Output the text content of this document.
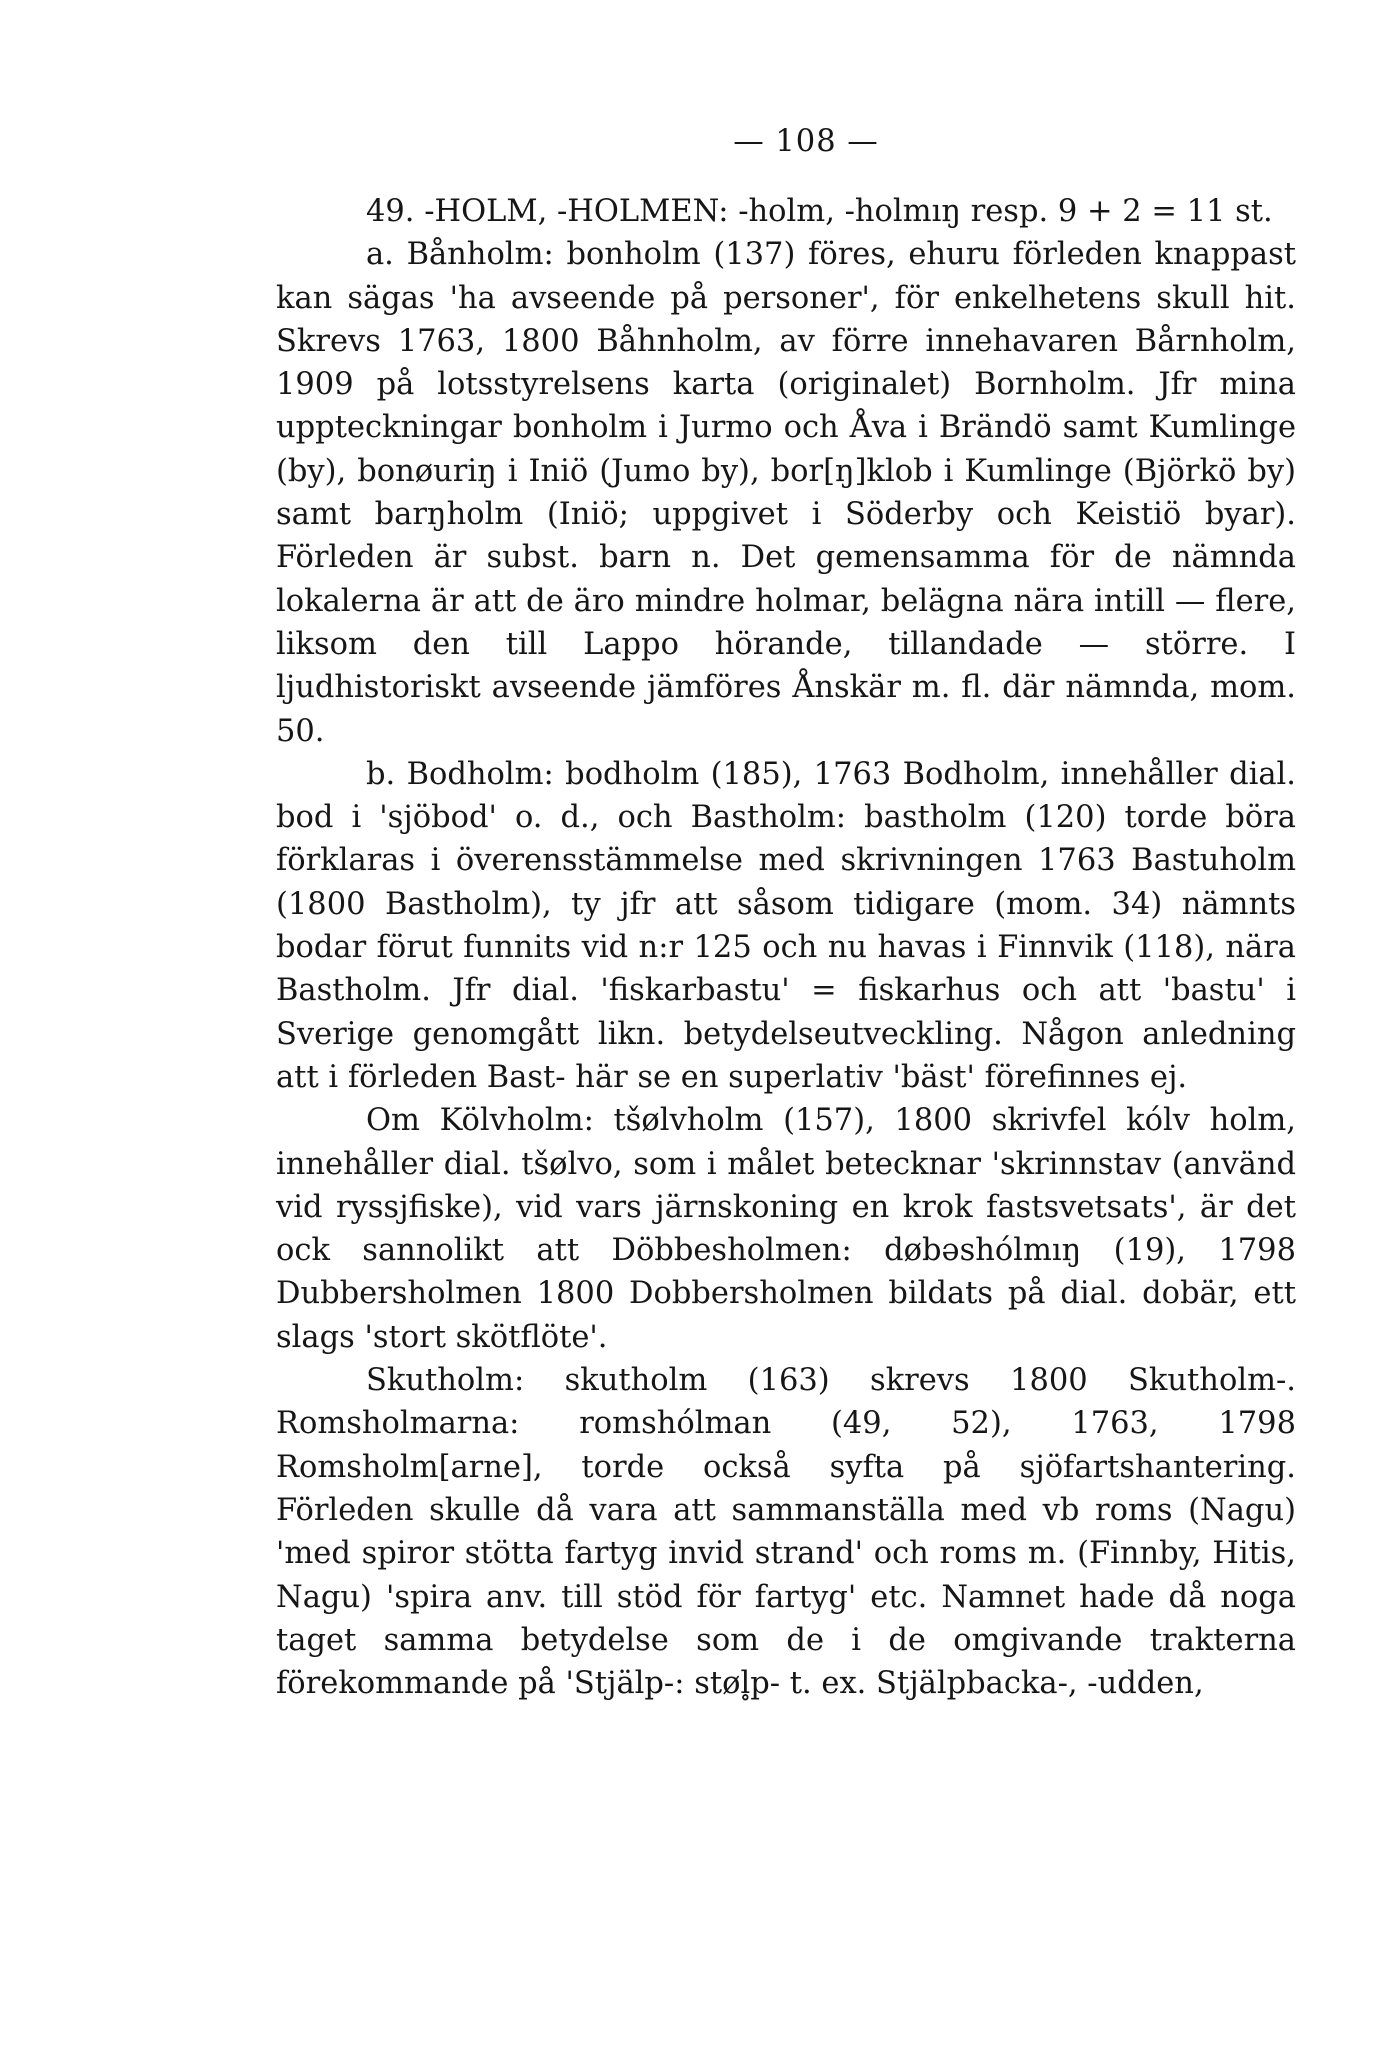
— 108 —

49. -HOLM, -HOLMEN: -holm, -holmıŋ resp. 9 + 2 = 11 st.

a. Bånholm: bonholm (137) föres, ehuru förleden knappast kan sägas 'ha avseende på personer', för enkelhetens skull hit. Skrevs 1763, 1800 Båhnholm, av förre innehavaren Bårnholm, 1909 på lotsstyrelsens karta (originalet) Bornholm. Jfr mina uppteckningar bonholm i Jurmo och Åva i Brändö samt Kumlinge (by), bonøuriŋ i Iniö (Jumo by), bor[ŋ]klob i Kumlinge (Björkö by) samt barŋholm (Iniö; uppgivet i Söderby och Keistiö byar). Förleden är subst. barn n. Det gemensamma för de nämnda lokalerna är att de äro mindre holmar, belägna nära intill — flere, liksom den till Lappo hörande, tillandade — större. I ljudhistoriskt avseende jämföres Ånskär m. fl. där nämnda, mom. 50.

b. Bodholm: bodholm (185), 1763 Bodholm, innehåller dial. bod i 'sjöbod' o. d., och Bastholm: bastholm (120) torde böra förklaras i överensstämmelse med skrivningen 1763 Bastuholm (1800 Bastholm), ty jfr att såsom tidigare (mom. 34) nämnts bodar förut funnits vid n:r 125 och nu havas i Finnvik (118), nära Bastholm. Jfr dial. 'fiskarbastu' = fiskarhus och att 'bastu' i Sverige genomgått likn. betydelseutveckling. Någon anledning att i förleden Bast- här se en superlativ 'bäst' förefinnes ej.

Om Kölvholm: tšølvholm (157), 1800 skrivfel kólv holm, innehåller dial. tšølvo, som i målet betecknar 'skrinnstav (använd vid ryssjfiske), vid vars järnskoning en krok fastsvetsats', är det ock sannolikt att Döbbesholmen: døbəshólmıŋ (19), 1798 Dubbersholmen 1800 Dobbersholmen bildats på dial. dobär, ett slags 'stort skötflöte'.

Skutholm: skutholm (163) skrevs 1800 Skutholm-. Romsholmarna: romshólman (49, 52), 1763, 1798 Romsholm[arne], torde också syfta på sjöfartshantering. Förleden skulle då vara att sammanställa med vb roms (Nagu) 'med spiror stötta fartyg invid strand' och roms m. (Finnby, Hitis, Nagu) 'spira anv. till stöd för fartyg' etc. Namnet hade då noga taget samma betydelse som de i de omgivande trakterna förekommande på 'Stjälp-: støl̥p- t. ex. Stjälpbacka-, -udden,
